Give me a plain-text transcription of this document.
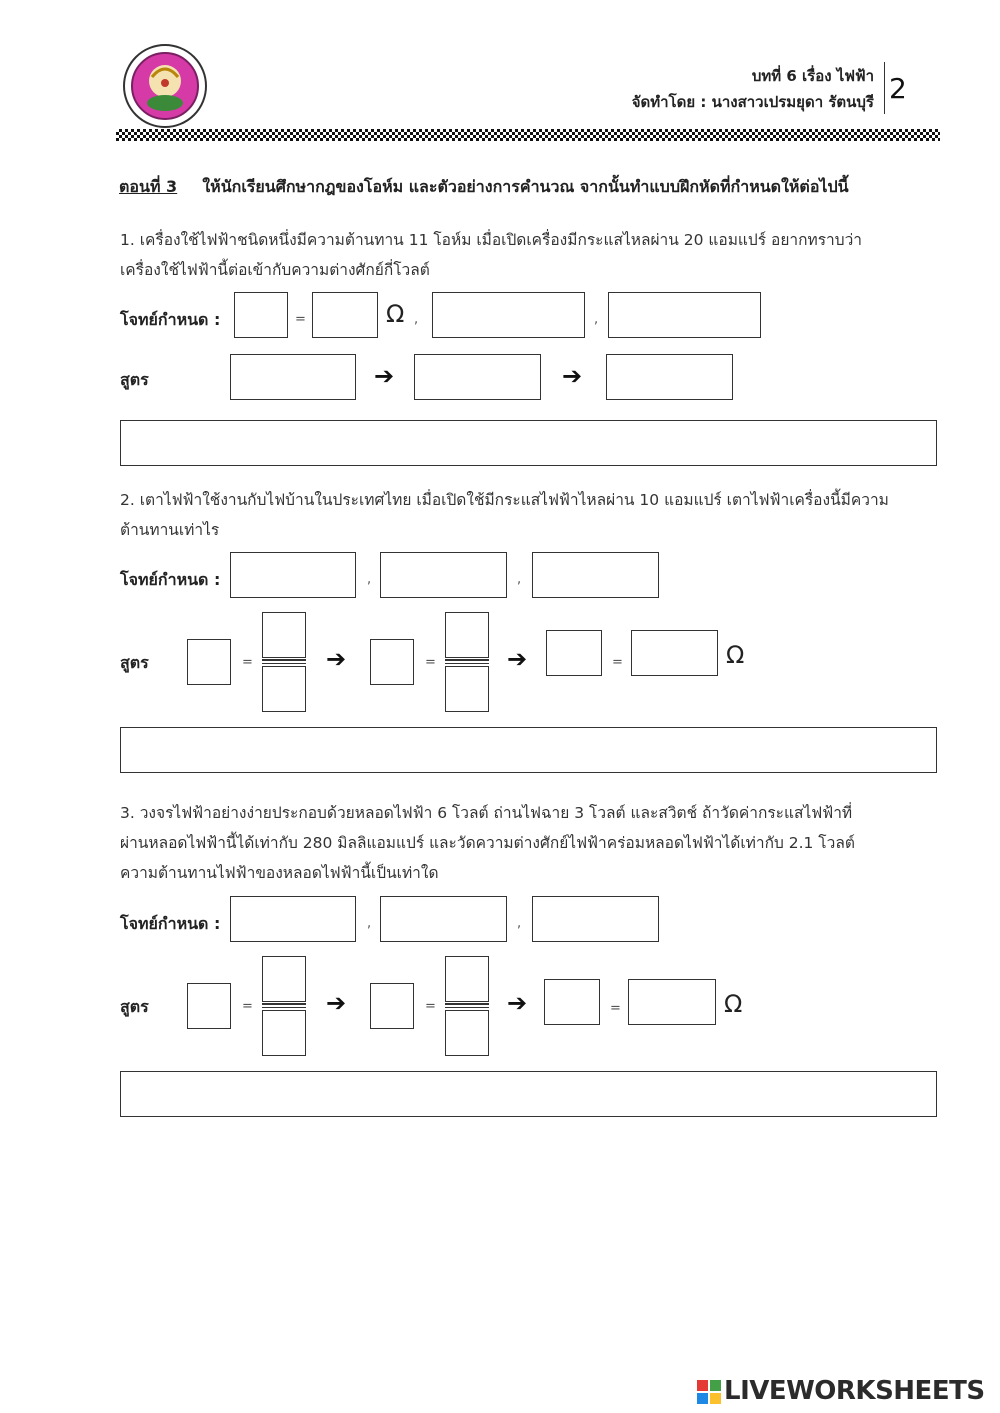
บทที่ 6 เรื่อง ไฟฟ้า
จัดทำโดย : นางสาวเปรมยุดา รัตนบุรี 2
ตอนที่ 3 ให้นักเรียนศึกษากฎของโอห์ม และตัวอย่างการคำนวณ จากนั้นทำแบบฝึกหัดที่กำหนดให้ต่อไปนี้
1. เครื่องใช้ไฟฟ้าชนิดหนึ่งมีความต้านทาน 11 โอห์ม เมื่อเปิดเครื่องมีกระแสไหลผ่าน 20 แอมแปร์ อยากทราบว่า
เครื่องใช้ไฟฟ้านี้ต่อเข้ากับความต่างศักย์กี่โวลต์
โจทย์กำหนด :	=	Ω ,	,
สูตร	➔	➔
2. เตาไฟฟ้าใช้งานกับไฟบ้านในประเทศไทย เมื่อเปิดใช้มีกระแสไฟฟ้าไหลผ่าน 10 แอมแปร์ เตาไฟฟ้าเครื่องนี้มีความ
ต้านทานเท่าไร
โจทย์กำหนด :	,	,
สูตร	=	➔	=	➔	=	Ω
3. วงจรไฟฟ้าอย่างง่ายประกอบด้วยหลอดไฟฟ้า 6 โวลต์ ถ่านไฟฉาย 3 โวลต์ และสวิตช์ ถ้าวัดค่ากระแสไฟฟ้าที่
ผ่านหลอดไฟฟ้านี้ได้เท่ากับ 280 มิลลิแอมแปร์ และวัดความต่างศักย์ไฟฟ้าคร่อมหลอดไฟฟ้าได้เท่ากับ 2.1 โวลต์
ความต้านทานไฟฟ้าของหลอดไฟฟ้านี้เป็นเท่าใด
โจทย์กำหนด :	,	,
สูตร	=	➔	=	➔	=	Ω
LIVEWORKSHEETS
